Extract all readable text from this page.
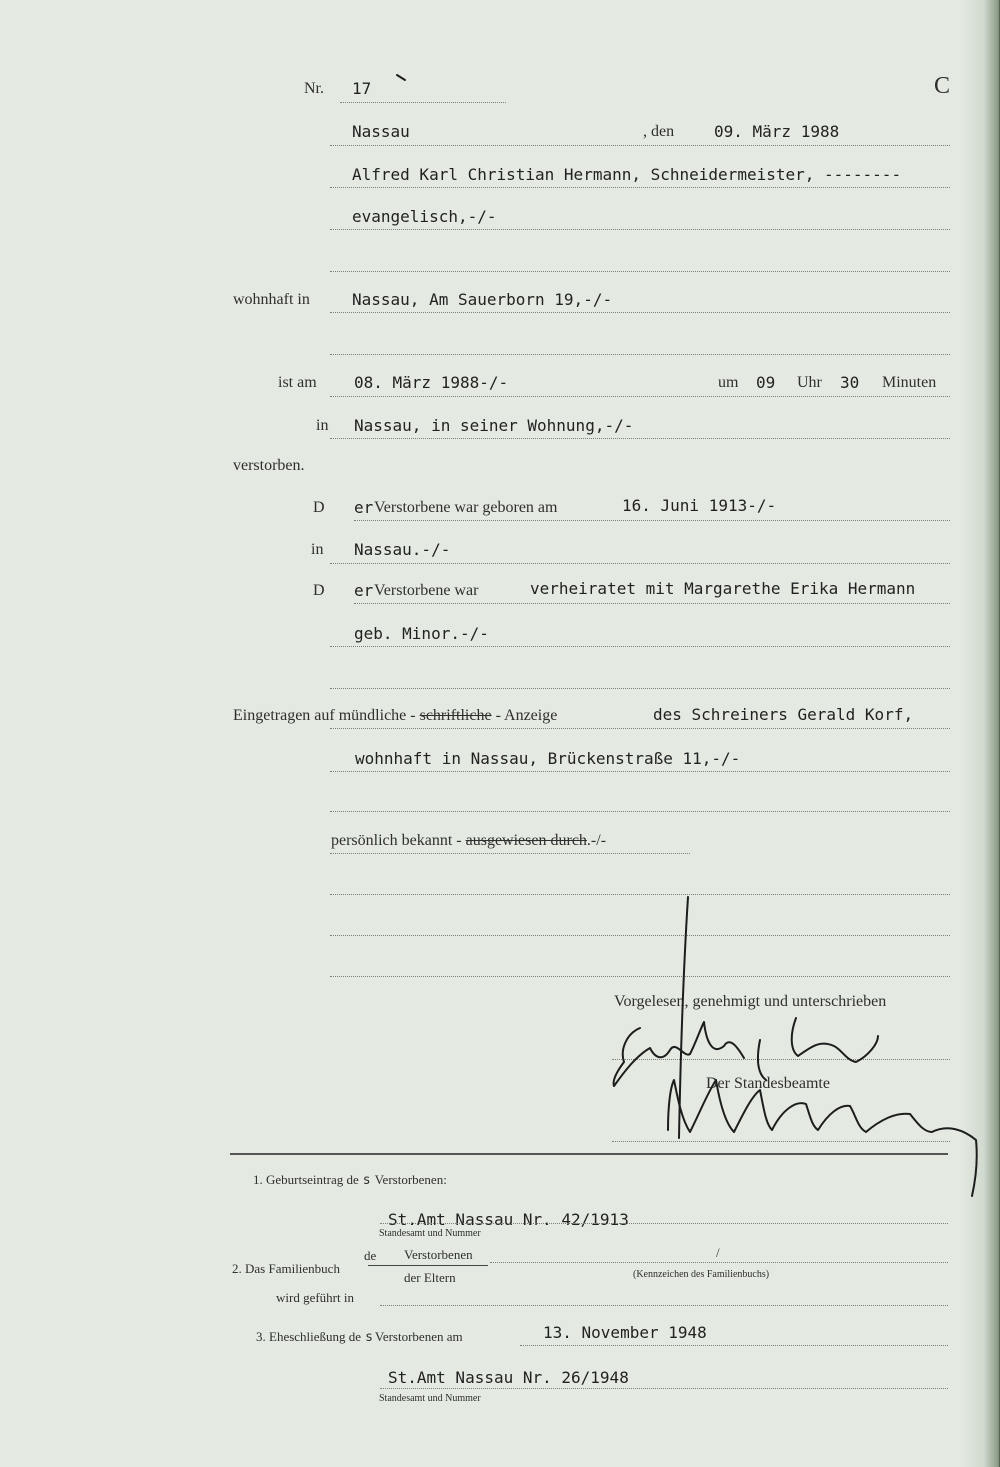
Nr. 17	C
Nassau	, den 09. März 1988
Alfred Karl Christian Hermann, Schneidermeister, --------
evangelisch,-/-
wohnhaft in	Nassau, Am Sauerborn 19,-/-
ist am 08. März 1988-/-	um 09 Uhr 30 Minuten
in Nassau, in seiner Wohnung,-/-
verstorben.
D er Verstorbene war geboren am	16. Juni 1913-/-
in Nassau.-/-
D er Verstorbene war	verheiratet mit Margarethe Erika Hermann
geb. Minor.-/-
Eingetragen auf mündliche - schriftliche - Anzeige	des Schreiners Gerald Korf,
wohnhaft in Nassau, Brückenstraße 11,-/-
persönlich bekannt - ausgewiesen durch.-/-
Vorgelesen, genehmigt und unterschrieben
Der Standesbeamte
1. Geburtseintrag de s Verstorbenen:
St.Amt Nassau Nr. 42/1913
Standesamt und Nummer
2. Das Familienbuch
de Verstorbenen
der Eltern
/
(Kennzeichen des Familienbuchs)
wird geführt in
3. Eheschließung de s Verstorbenen am	13. November 1948
St.Amt Nassau Nr. 26/1948
Standesamt und Nummer
